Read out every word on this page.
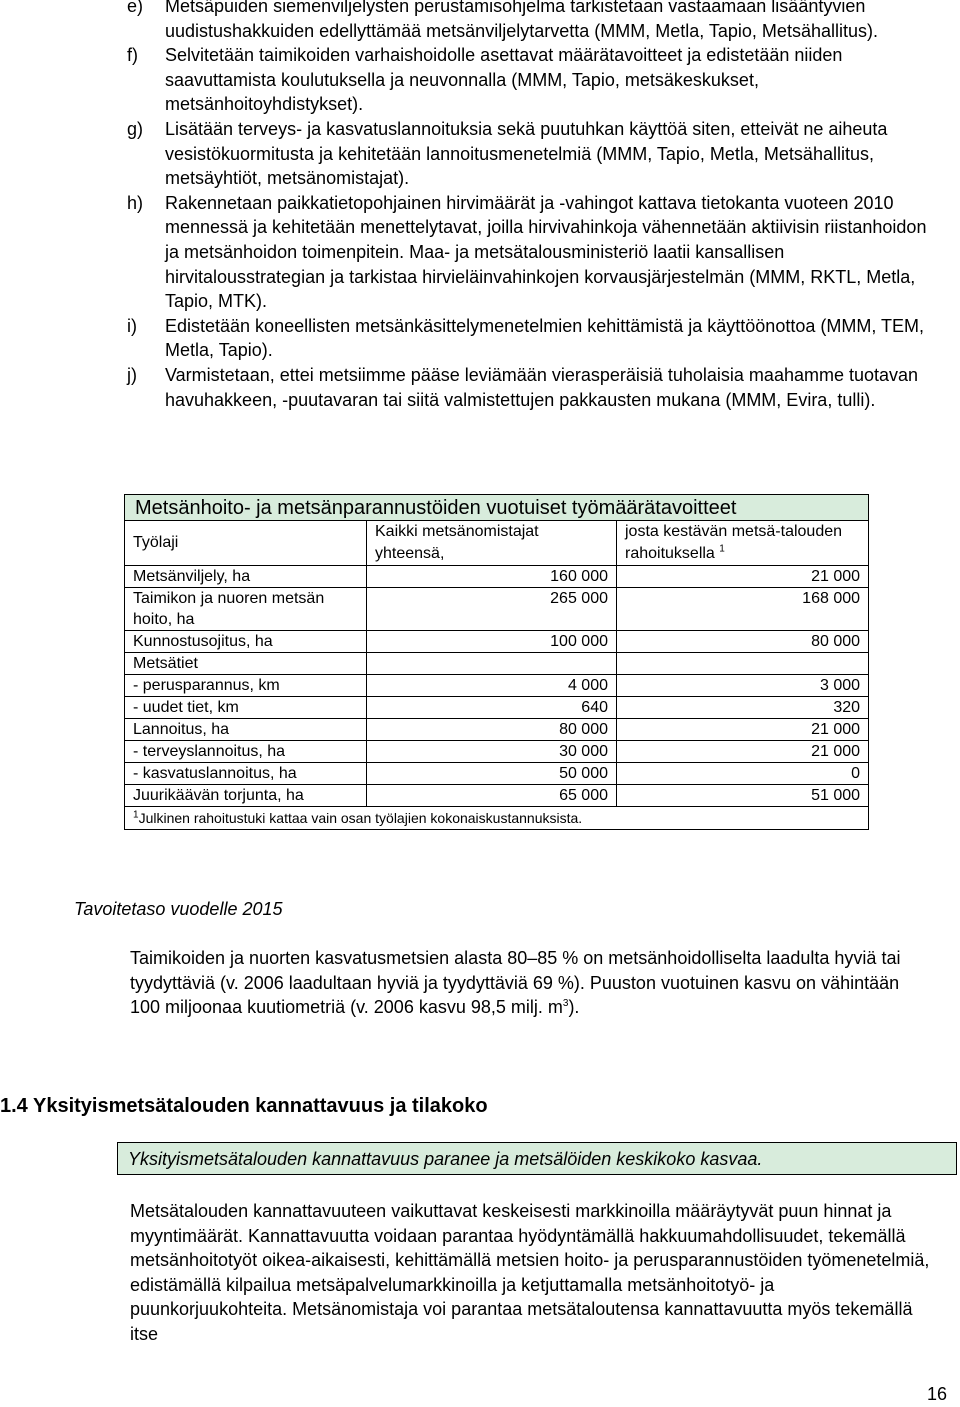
e) Metsäpuiden siemenviljelysten perustamisohjelma tarkistetaan vastaamaan lisääntyvien uudistushakkuiden edellyttämää metsänviljelytarvetta (MMM, Metla, Tapio, Metsähallitus).

f) Selvitetään taimikoiden varhaishoidolle asettavat määrätavoitteet ja edistetään niiden saavuttamista koulutuksella ja neuvonnalla (MMM, Tapio, metsäkeskukset, metsänhoitoyhdistykset).

g) Lisätään terveys- ja kasvatuslannoituksia sekä puutuhkan käyttöä siten, etteivät ne aiheuta vesistökuormitusta ja kehitetään lannoitusmenetelmiä (MMM, Tapio, Metla, Metsähallitus, metsäyhtiöt, metsänomistajat).

h) Rakennetaan paikkatietopohjainen hirvimäärät ja -vahingot kattava tietokanta vuoteen 2010 mennessä ja kehitetään menettelytavat, joilla hirvivahinkoja vähennetään aktiivisin riistanhoidon ja metsänhoidon toimenpitein. Maa- ja metsätalousministeriö laatii kansallisen hirvitalousstrategian ja tarkistaa hirvieläinvahinkojen korvausjärjestelmän (MMM, RKTL, Metla, Tapio, MTK).

i) Edistetään koneellisten metsänkäsittelymenetelmien kehittämistä ja käyttöönottoa (MMM, TEM, Metla, Tapio).

j) Varmistetaan, ettei metsiimme pääse leviämään vierasperäisiä tuholaisia maahamme tuotavan havuhakkeen, -puutavaran tai siitä valmistettujen pakkausten mukana (MMM, Evira, tulli).

Metsänhoito- ja metsänparannustöiden vuotuiset työmäärätavoitteet		
Työlaji	Kaikki metsänomistajat yhteensä,	josta kestävän metsä-talouden rahoituksella $^1$
Metsänviljely, ha	160 000	21 000
Taimikon ja nuoren metsän hoito, ha	265 000	168 000
Kunnostusojitus, ha	100 000	80 000
Metsätiet		
- perusparannus, km	4 000	3 000
- uudet tiet, km	640	320
Lannoitus, ha	80 000	21 000
- terveyslannoitus, ha	30 000	21 000
- kasvatuslannoitus, ha	50 000	0
Juurikäävän torjunta, ha	65 000	51 000
$^1$Julkinen rahoitustuki kattaa vain osan työlajien kokonaiskustannuksista.		

Tavoitetaso vuodelle 2015

Taimikoiden ja nuorten kasvatusmetsien alasta 80–85 % on metsänhoidolliselta laadulta hyviä tai tyydyttäviä (v. 2006 laadultaan hyviä ja tyydyttäviä 69 %). Puuston vuotuinen kasvu on vähintään 100 miljoonaa kuutiometriä (v. 2006 kasvu 98,5 milj. $m^3$).

1.4 Yksityismetsätalouden kannattavuus ja tilakoko
Yksityismetsätalouden kannattavuus paranee ja metsälöiden keskikoko kasvaa.

Metsätalouden kannattavuuteen vaikuttavat keskeisesti markkinoilla määräytyvät puun hinnat ja myyntimäärät. Kannattavuutta voidaan parantaa hyödyntämällä hakkuumahdollisuudet, tekemällä metsänhoitotyöt oikea-aikaisesti, kehittämällä metsien hoito- ja perusparannustöiden työmenetelmiä, edistämällä kilpailua metsäpalvelumarkkinoilla ja ketjuttamalla metsänhoitotyö- ja puunkorjuukohteita. Metsänomistaja voi parantaa metsätaloutensa kannattavuutta myös tekemällä itse

16
